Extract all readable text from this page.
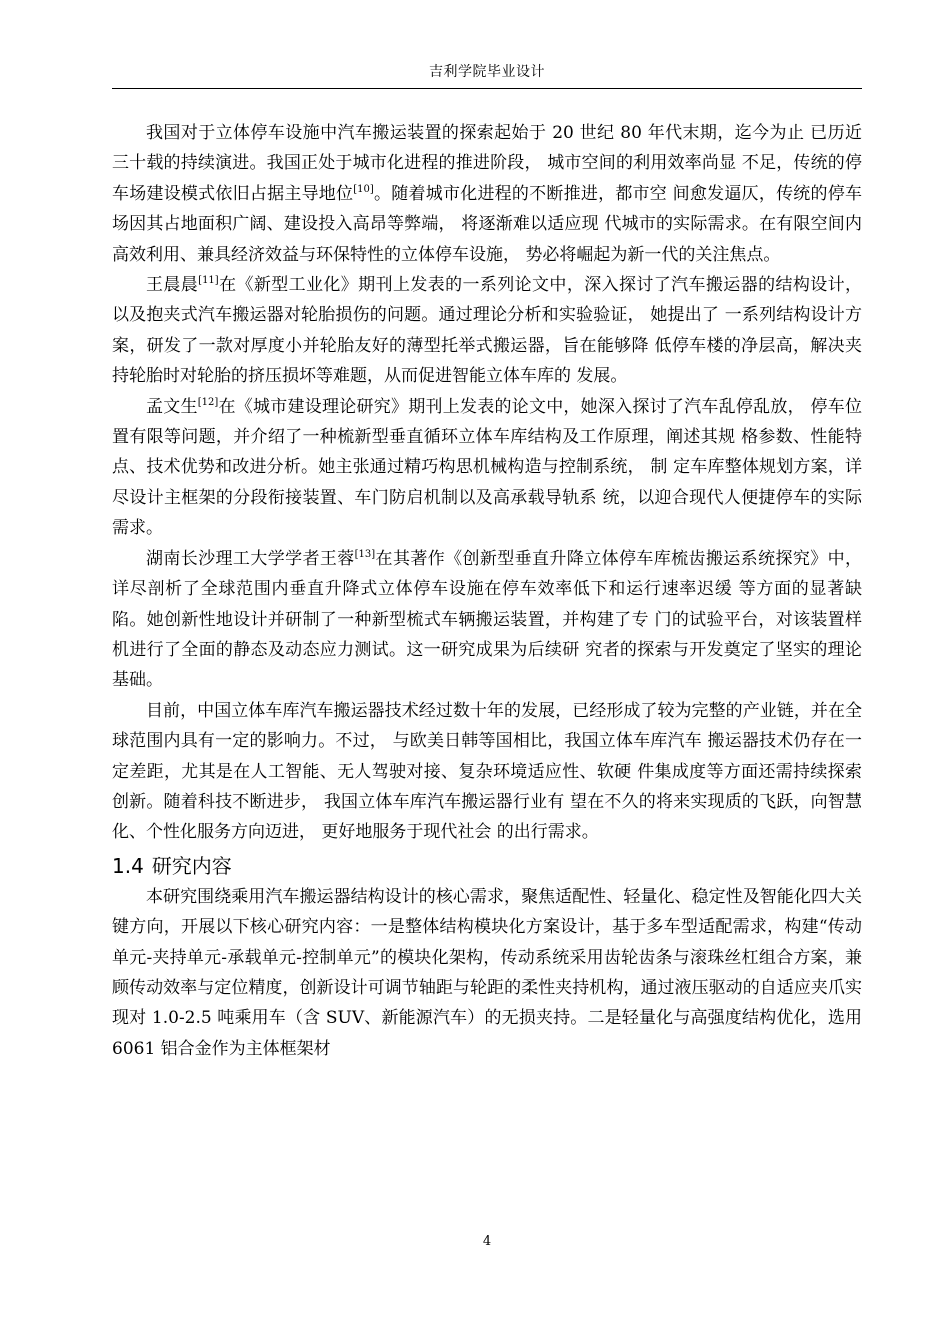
吉利学院毕业设计

我国对于立体停车设施中汽车搬运装置的探索起始于 20 世纪 80 年代末期，迄今为止 已历近三十载的持续演进。我国正处于城市化进程的推进阶段， 城市空间的利用效率尚显 不足，传统的停车场建设模式依旧占据主导地位[10]。随着城市化进程的不断推进，都市空 间愈发逼仄，传统的停车场因其占地面积广阔、建设投入高昂等弊端， 将逐渐难以适应现 代城市的实际需求。在有限空间内高效利用、兼具经济效益与环保特性的立体停车设施， 势必将崛起为新一代的关注焦点。

王晨晨[11]在《新型工业化》期刊上发表的一系列论文中，深入探讨了汽车搬运器的结构设计，以及抱夹式汽车搬运器对轮胎损伤的问题。通过理论分析和实验验证， 她提出了 一系列结构设计方案，研发了一款对厚度小并轮胎友好的薄型托举式搬运器，旨在能够降 低停车楼的净层高，解决夹持轮胎时对轮胎的挤压损坏等难题，从而促进智能立体车库的 发展。

孟文生[12]在《城市建设理论研究》期刊上发表的论文中，她深入探讨了汽车乱停乱放， 停车位置有限等问题，并介绍了一种梳新型垂直循环立体车库结构及工作原理，阐述其规 格参数、性能特点、技术优势和改进分析。她主张通过精巧构思机械构造与控制系统， 制 定车库整体规划方案，详尽设计主框架的分段衔接装置、车门防启机制以及高承载导轨系 统，以迎合现代人便捷停车的实际需求。

湖南长沙理工大学学者王蓉[13]在其著作《创新型垂直升降立体停车库梳齿搬运系统探究》中， 详尽剖析了全球范围内垂直升降式立体停车设施在停车效率低下和运行速率迟缓 等方面的显著缺陷。她创新性地设计并研制了一种新型梳式车辆搬运装置，并构建了专 门的试验平台，对该装置样机进行了全面的静态及动态应力测试。这一研究成果为后续研 究者的探索与开发奠定了坚实的理论基础。

目前，中国立体车库汽车搬运器技术经过数十年的发展，已经形成了较为完整的产业链，并在全球范围内具有一定的影响力。不过， 与欧美日韩等国相比，我国立体车库汽车 搬运器技术仍存在一定差距，尤其是在人工智能、无人驾驶对接、复杂环境适应性、软硬 件集成度等方面还需持续探索创新。随着科技不断进步， 我国立体车库汽车搬运器行业有 望在不久的将来实现质的飞跃，向智慧化、个性化服务方向迈进， 更好地服务于现代社会 的出行需求。

1.4 研究内容

本研究围绕乘用汽车搬运器结构设计的核心需求，聚焦适配性、轻量化、稳定性及智能化四大关键方向，开展以下核心研究内容：一是整体结构模块化方案设计，基于多车型适配需求，构建“传动单元-夹持单元-承载单元-控制单元”的模块化架构，传动系统采用齿轮齿条与滚珠丝杠组合方案，兼顾传动效率与定位精度，创新设计可调节轴距与轮距的柔性夹持机构，通过液压驱动的自适应夹爪实现对 1.0-2.5 吨乘用车（含 SUV、新能源汽车）的无损夹持。二是轻量化与高强度结构优化，选用 6061 铝合金作为主体框架材

4
